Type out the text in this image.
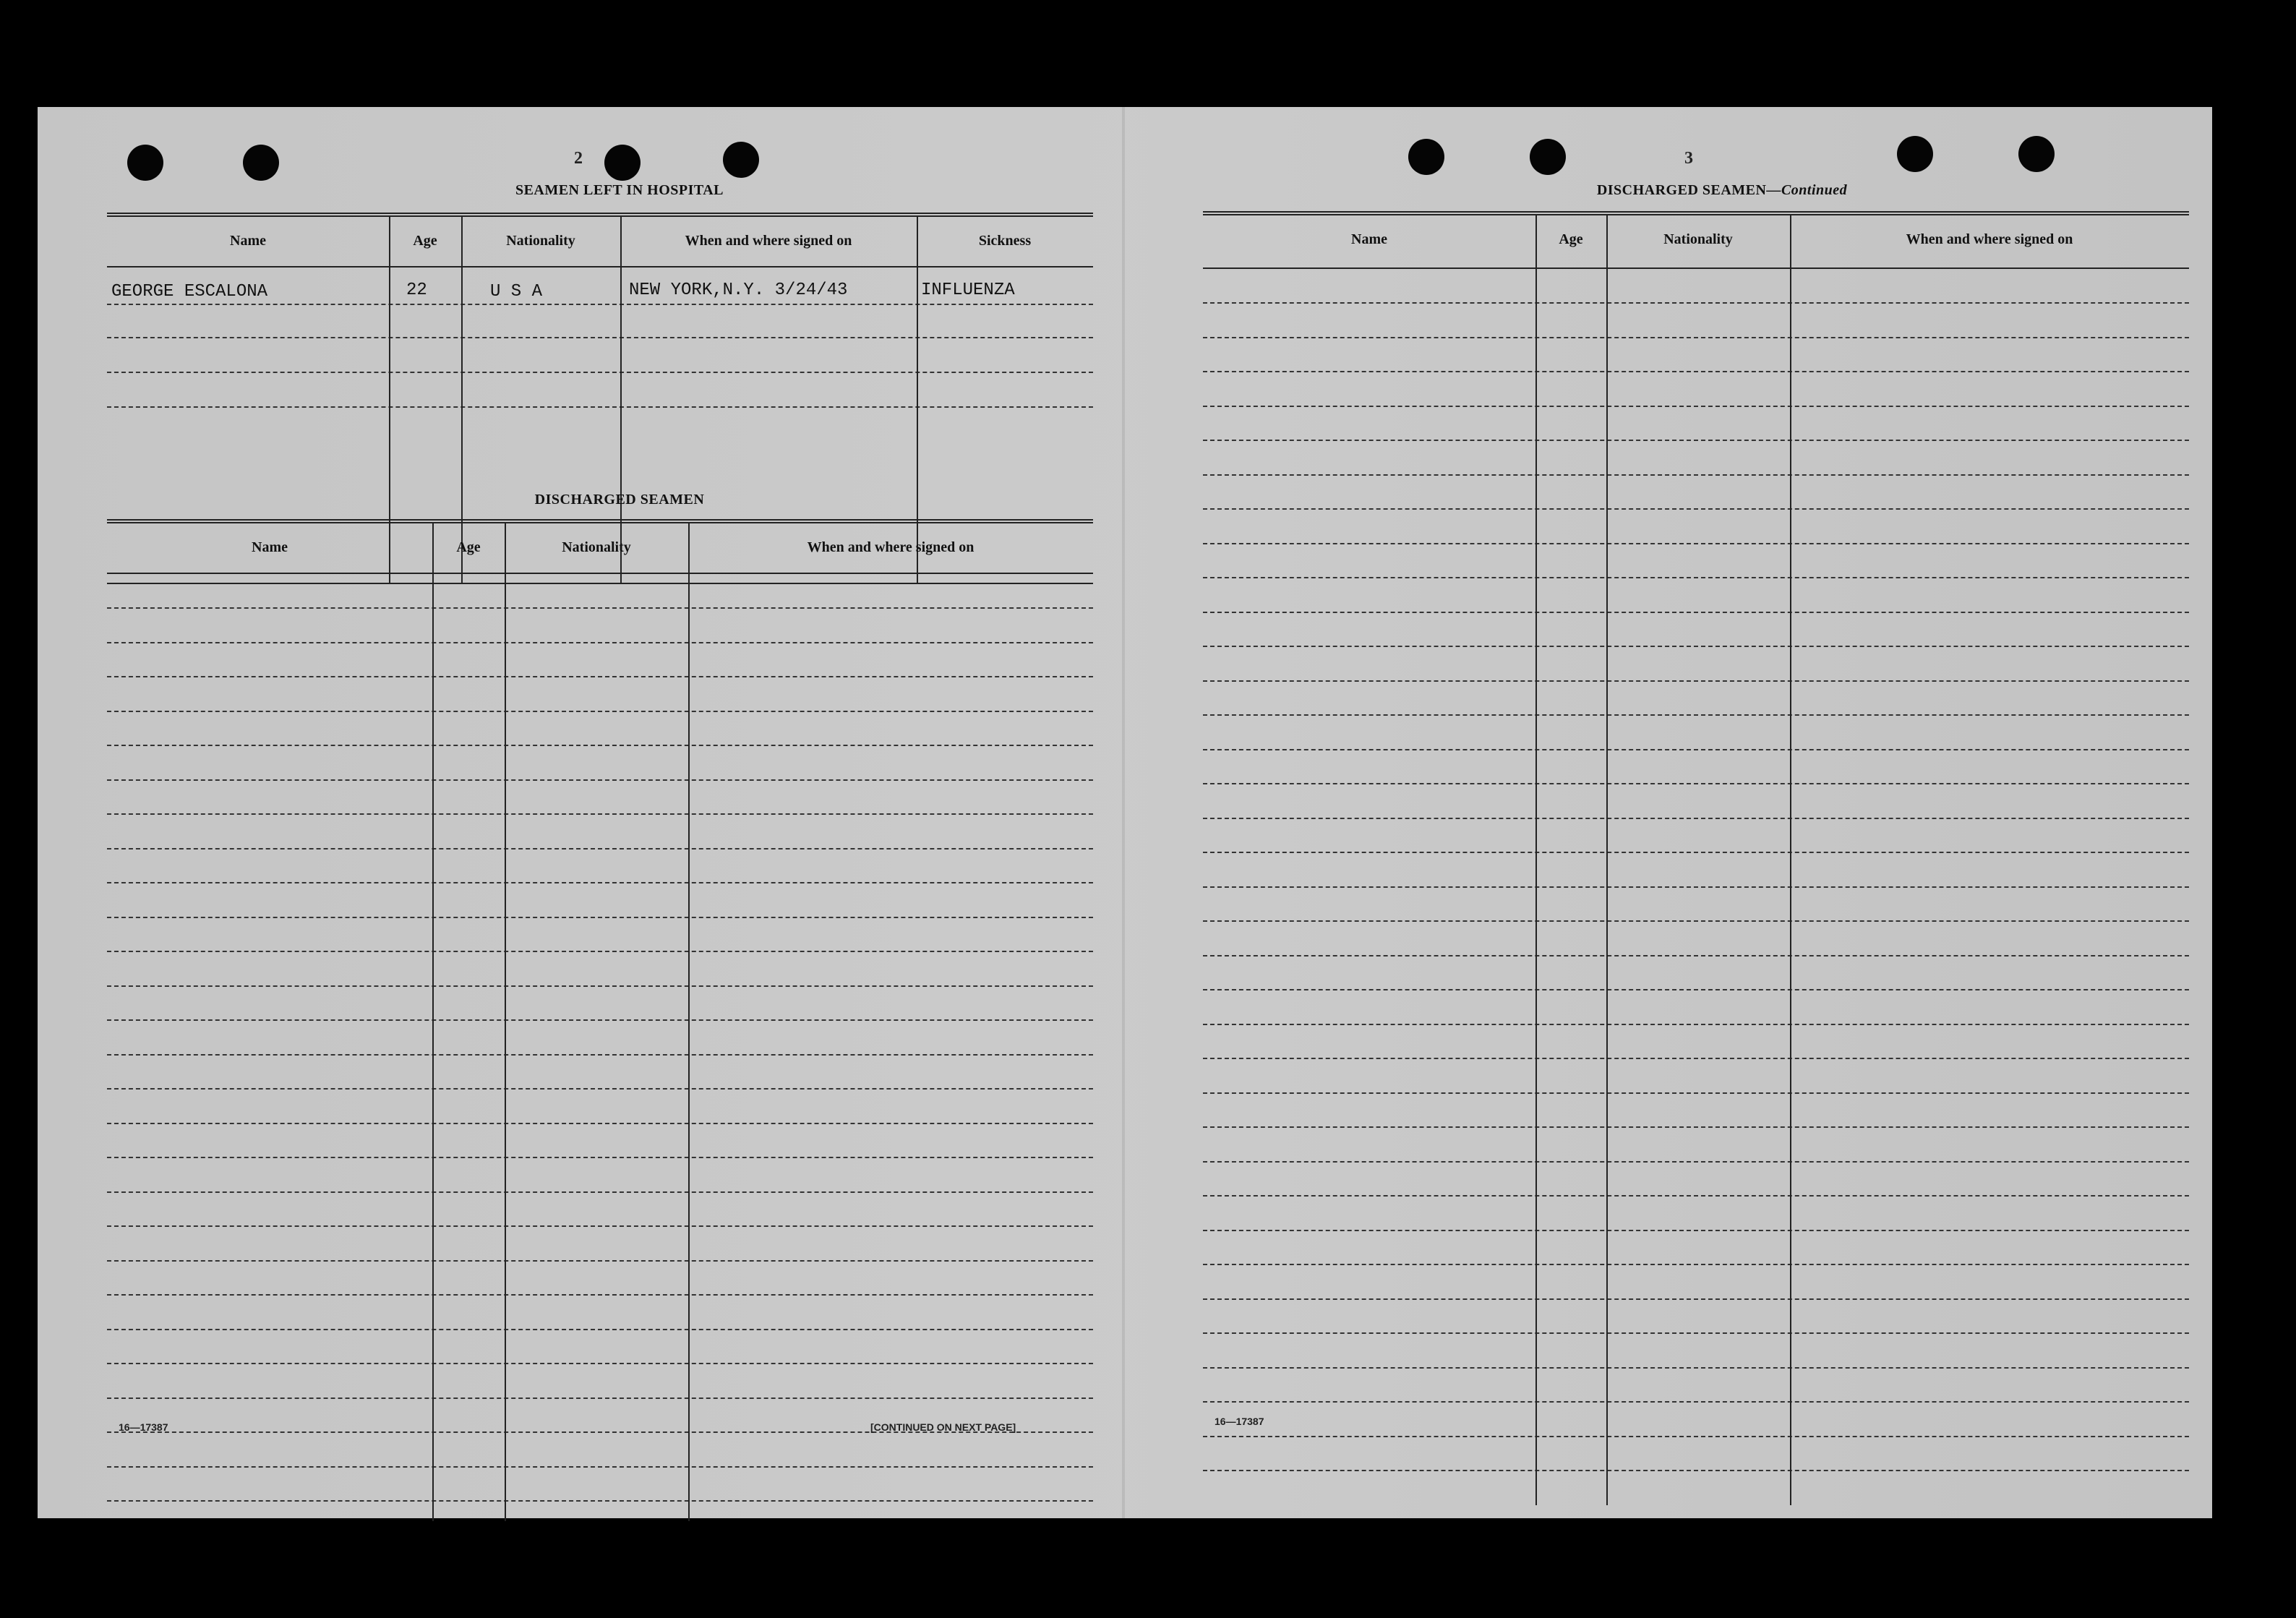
2
SEAMEN LEFT IN HOSPITAL
Name	Age	Nationality	When and where signed on	Sickness
GEORGE ESCALONA	22	U S A	NEW YORK,N.Y. 3/24/43	INFLUENZA
DISCHARGED SEAMEN
Name	Age	Nationality	When and where signed on
16—17387	[CONTINUED ON NEXT PAGE]
3
DISCHARGED SEAMEN—Continued
Name	Age	Nationality	When and where signed on
16—17387
